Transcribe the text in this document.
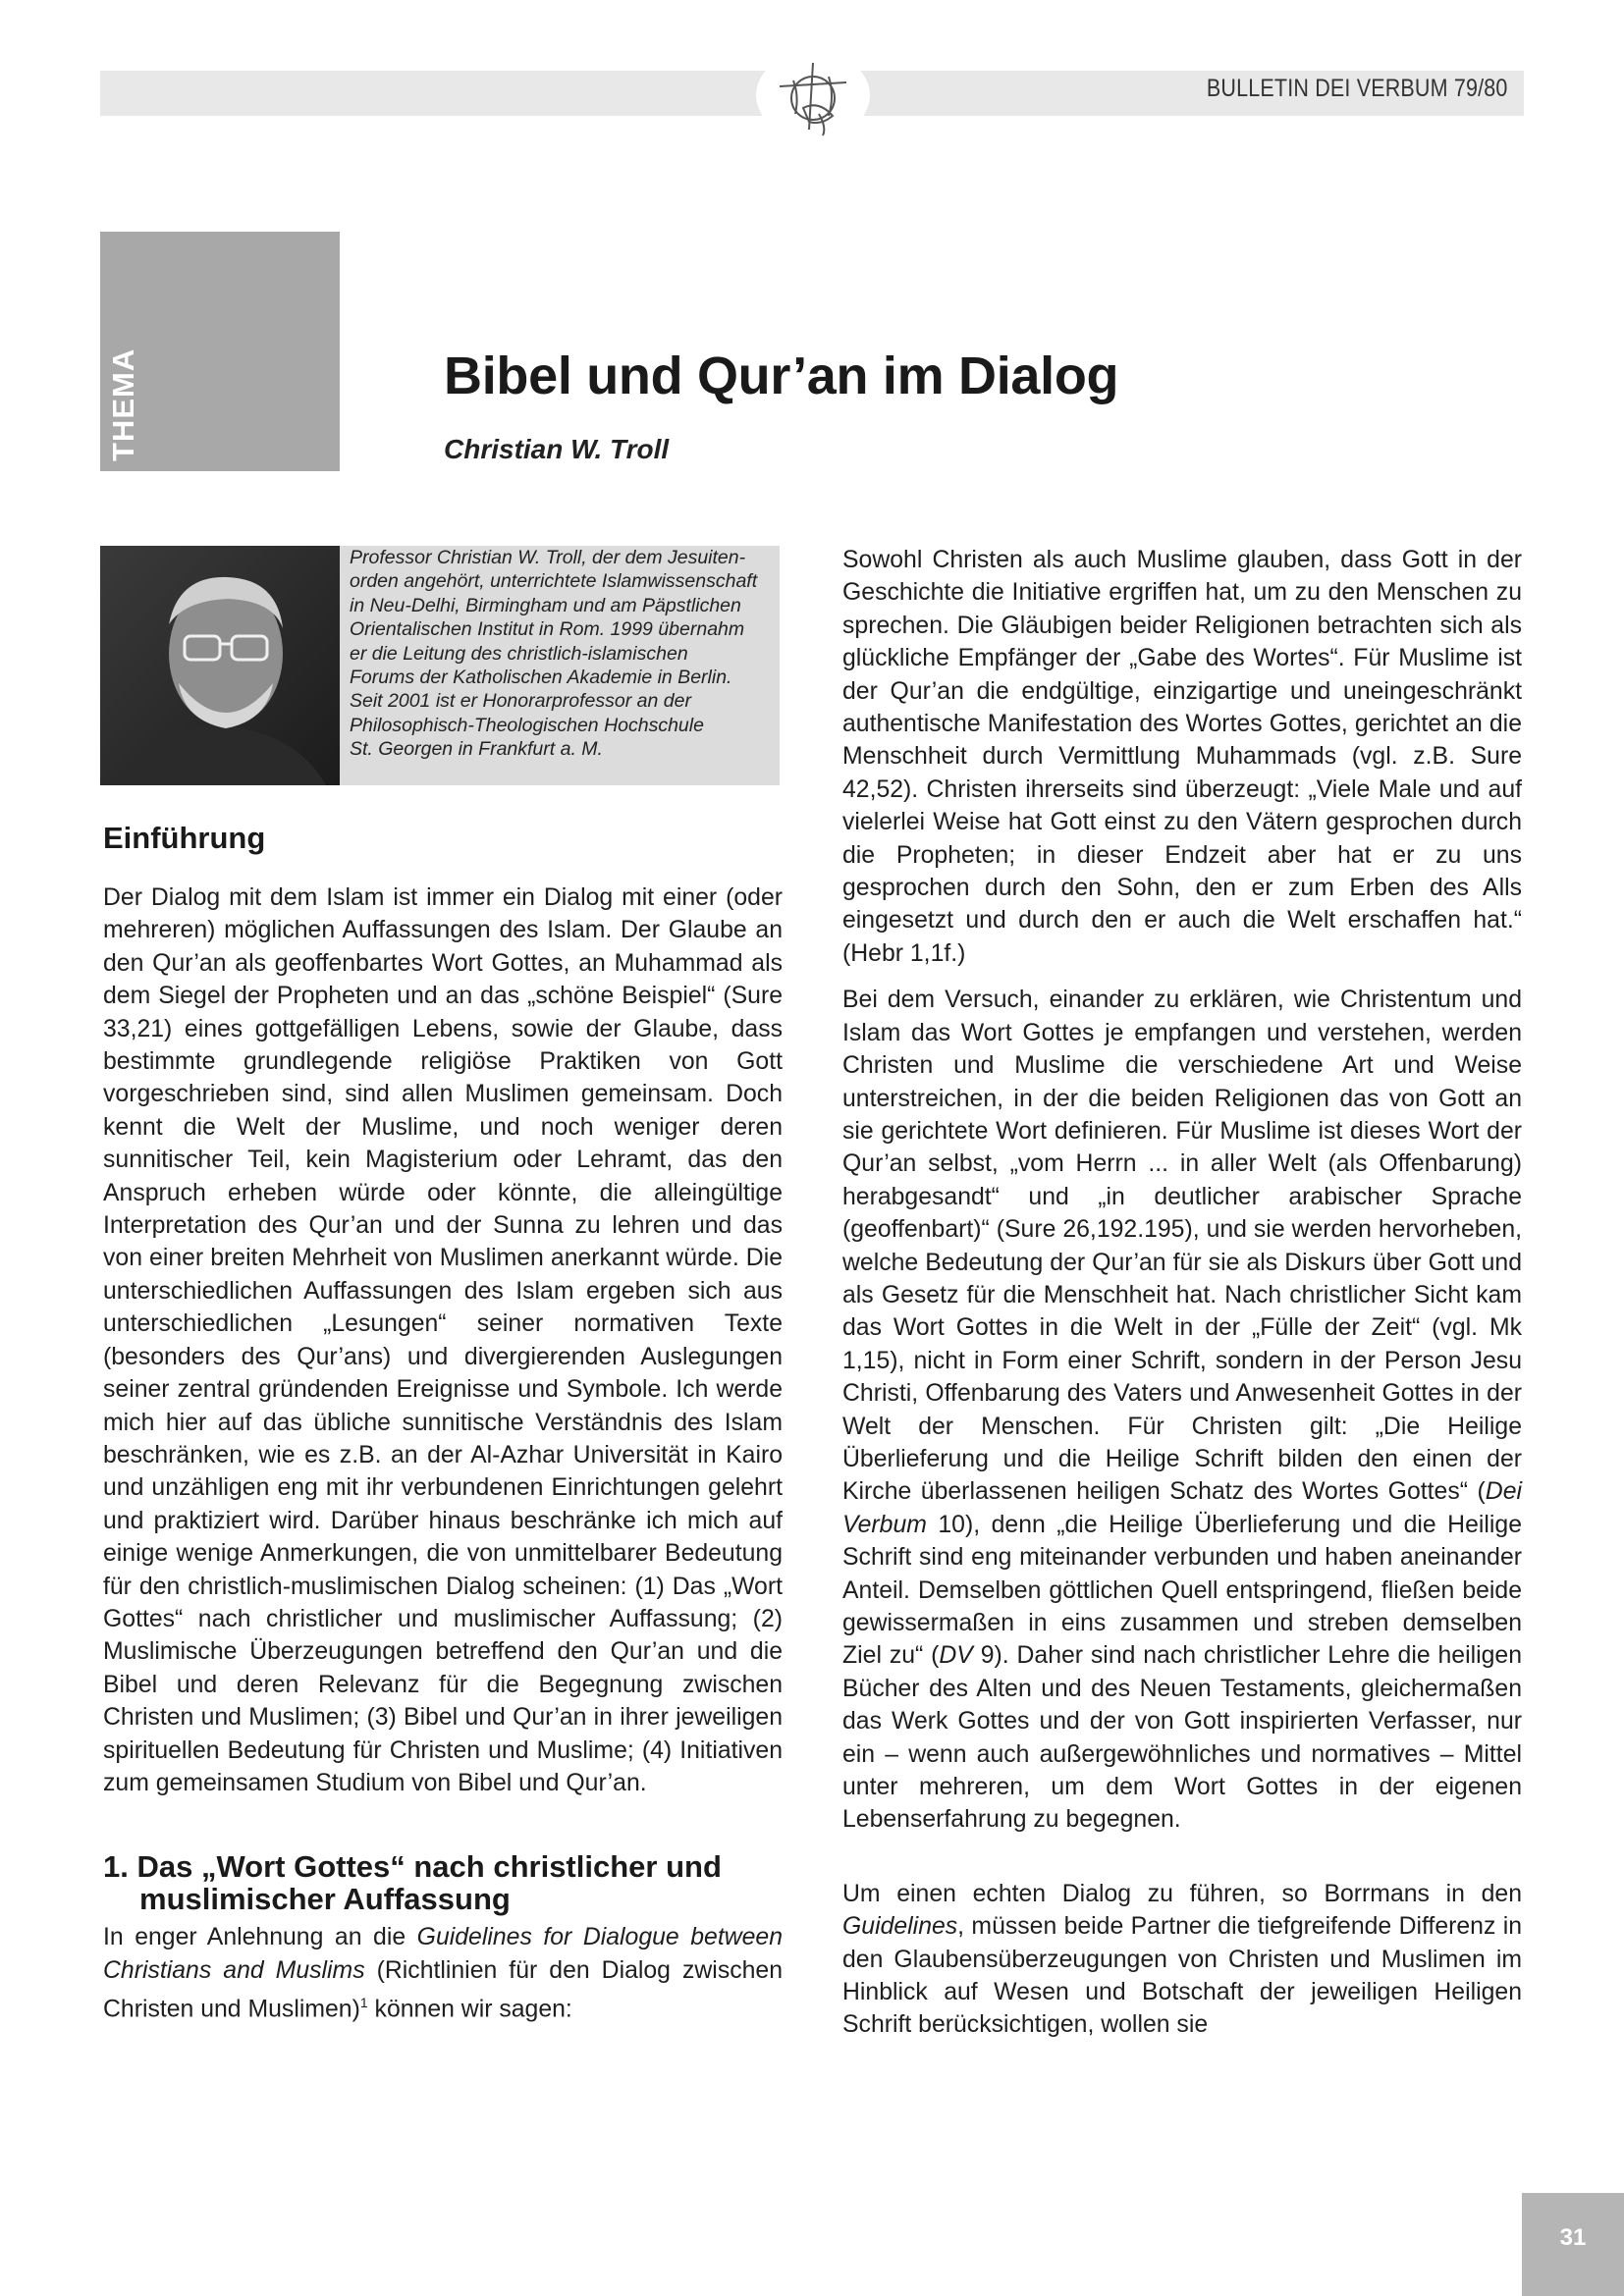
BULLETIN DEI VERBUM 79/80
THEMA	Bibel und Qur’an im Dialog
Christian W. Troll
Professor Christian W. Troll, der dem Jesuiten-
orden angehört, unterrichtete Islamwissenschaft
in Neu-Delhi, Birmingham und am Päpstlichen
Orientalischen Institut in Rom. 1999 übernahm
er die Leitung des christlich-islamischen
Forums der Katholischen Akademie in Berlin.
Seit 2001 ist er Honorarprofessor an der
Philosophisch-Theologischen Hochschule
St. Georgen in Frankfurt a. M.
Einführung

Der Dialog mit dem Islam ist immer ein Dialog mit einer (oder mehreren) möglichen Auffassungen des Islam. Der Glaube an den Qur’an als geoffenbartes Wort Gottes, an Muhammad als dem Siegel der Propheten und an das „schöne Beispiel“ (Sure 33,21) eines gottgefälligen Lebens, sowie der Glaube, dass bestimmte grundlegende religiöse Praktiken von Gott vorgeschrieben sind, sind allen Muslimen gemeinsam. Doch kennt die Welt der Muslime, und noch weniger deren sunnitischer Teil, kein Magisterium oder Lehramt, das den Anspruch erheben würde oder könnte, die alleingültige Interpretation des Qur’an und der Sunna zu lehren und das von einer breiten Mehrheit von Muslimen anerkannt würde. Die unterschiedlichen Auffassungen des Islam ergeben sich aus unterschiedlichen „Lesungen“ seiner normativen Texte (besonders des Qur’ans) und divergierenden Auslegungen seiner zentral gründenden Ereignisse und Symbole. Ich werde mich hier auf das übliche sunnitische Verständnis des Islam beschränken, wie es z.B. an der Al-Azhar Universität in Kairo und unzähligen eng mit ihr verbundenen Einrichtungen gelehrt und praktiziert wird. Darüber hinaus beschränke ich mich auf einige wenige Anmerkungen, die von unmittelbarer Bedeutung für den christlich-muslimischen Dialog scheinen: (1) Das „Wort Gottes“ nach christlicher und muslimischer Auffassung; (2) Muslimische Überzeugungen betreffend den Qur’an und die Bibel und deren Relevanz für die Begegnung zwischen Christen und Muslimen; (3) Bibel und Qur’an in ihrer jeweiligen spirituellen Bedeutung für Christen und Muslime; (4) Initiativen zum gemeinsamen Studium von Bibel und Qur’an.

1. Das „Wort Gottes“ nach christlicher und muslimischer Auffassung

In enger Anlehnung an die Guidelines for Dialogue between Christians and Muslims (Richtlinien für den Dialog zwischen Christen und Muslimen)$^1$ können wir sagen:

Sowohl Christen als auch Muslime glauben, dass Gott in der Geschichte die Initiative ergriffen hat, um zu den Menschen zu sprechen. Die Gläubigen beider Religionen betrachten sich als glückliche Empfänger der „Gabe des Wortes“. Für Muslime ist der Qur’an die endgültige, einzigartige und uneingeschränkt authentische Manifestation des Wortes Gottes, gerichtet an die Menschheit durch Vermittlung Muhammads (vgl. z.B. Sure 42,52). Christen ihrerseits sind überzeugt: „Viele Male und auf vielerlei Weise hat Gott einst zu den Vätern gesprochen durch die Propheten; in dieser Endzeit aber hat er zu uns gesprochen durch den Sohn, den er zum Erben des Alls eingesetzt und durch den er auch die Welt erschaffen hat.“ (Hebr 1,1f.)

Bei dem Versuch, einander zu erklären, wie Christentum und Islam das Wort Gottes je empfangen und verstehen, werden Christen und Muslime die verschiedene Art und Weise unterstreichen, in der die beiden Religionen das von Gott an sie gerichtete Wort definieren. Für Muslime ist dieses Wort der Qur’an selbst, „vom Herrn ... in aller Welt (als Offenbarung) herabgesandt“ und „in deutlicher arabischer Sprache (geoffenbart)“ (Sure 26,192.195), und sie werden hervorheben, welche Bedeutung der Qur’an für sie als Diskurs über Gott und als Gesetz für die Menschheit hat. Nach christlicher Sicht kam das Wort Gottes in die Welt in der „Fülle der Zeit“ (vgl. Mk 1,15), nicht in Form einer Schrift, sondern in der Person Jesu Christi, Offenbarung des Vaters und Anwesenheit Gottes in der Welt der Menschen. Für Christen gilt: „Die Heilige Überlieferung und die Heilige Schrift bilden den einen der Kirche überlassenen heiligen Schatz des Wortes Gottes“ (Dei Verbum 10), denn „die Heilige Überlieferung und die Heilige Schrift sind eng miteinander verbunden und haben aneinander Anteil. Demselben göttlichen Quell entspringend, fließen beide gewissermaßen in eins zusammen und streben demselben Ziel zu“ (DV 9). Daher sind nach christlicher Lehre die heiligen Bücher des Alten und des Neuen Testaments, gleichermaßen das Werk Gottes und der von Gott inspirierten Verfasser, nur ein – wenn auch außergewöhnliches und normatives – Mittel unter mehreren, um dem Wort Gottes in der eigenen Lebenserfahrung zu begegnen.

Um einen echten Dialog zu führen, so Borrmans in den Guidelines, müssen beide Partner die tiefgreifende Differenz in den Glaubensüberzeugungen von Christen und Muslimen im Hinblick auf Wesen und Botschaft der jeweiligen Heiligen Schrift berücksichtigen, wollen sie

31
